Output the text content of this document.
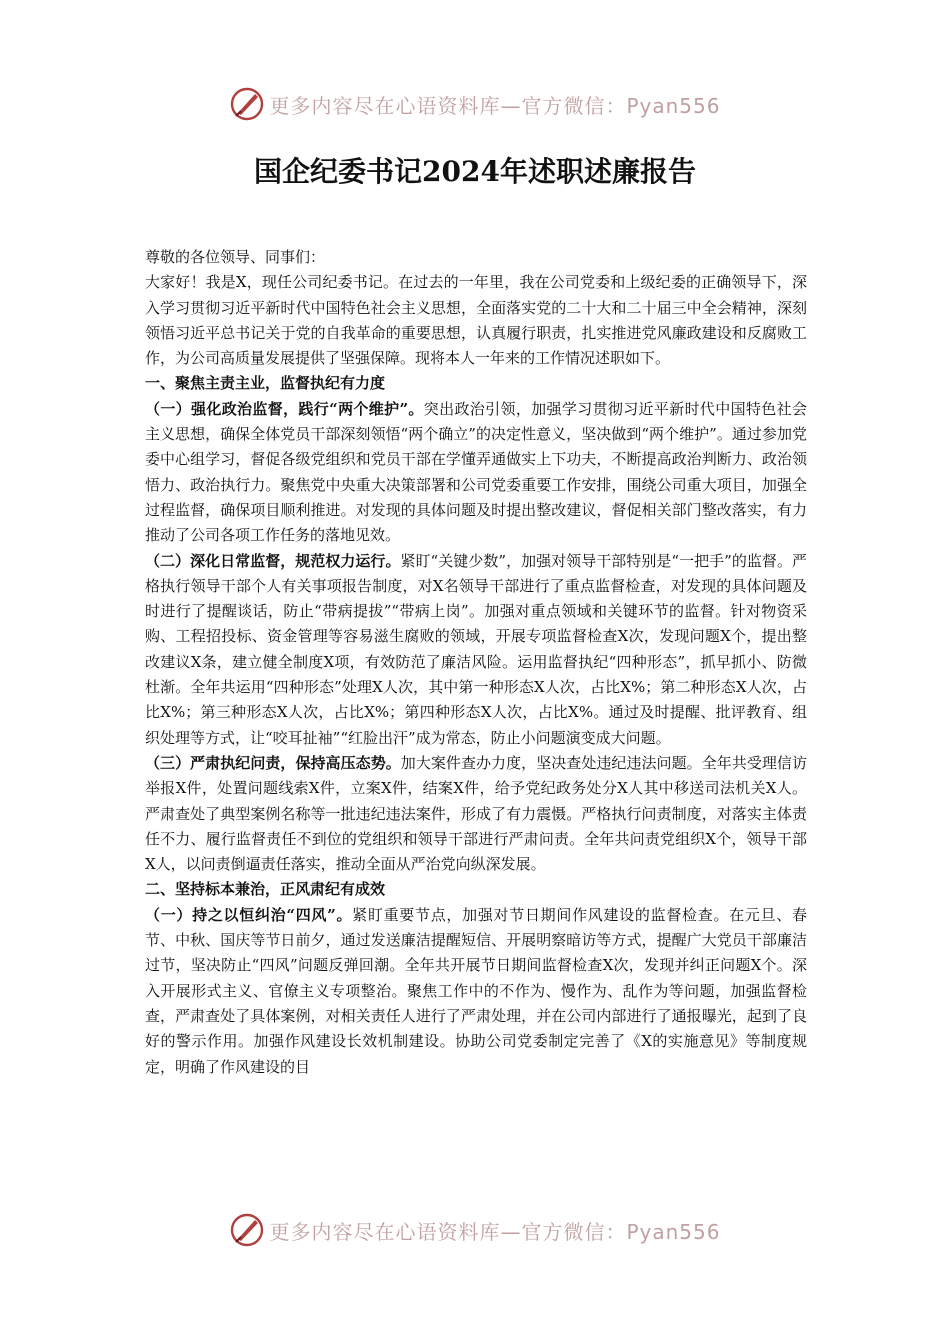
更多内容尽在心语资料库—官方微信：Pyan556
国企纪委书记2024年述职述廉报告

尊敬的各位领导、同事们：

大家好！我是X，现任公司纪委书记。在过去的一年里，我在公司党委和上级纪委的正确领导下，深入学习贯彻习近平新时代中国特色社会主义思想，全面落实党的二十大和二十届三中全会精神，深刻领悟习近平总书记关于党的自我革命的重要思想，认真履行职责，扎实推进党风廉政建设和反腐败工作，为公司高质量发展提供了坚强保障。现将本人一年来的工作情况述职如下。

一、聚焦主责主业，监督执纪有力度

（一）强化政治监督，践行“两个维护”。突出政治引领，加强学习贯彻习近平新时代中国特色社会主义思想，确保全体党员干部深刻领悟“两个确立”的决定性意义，坚决做到“两个维护”。通过参加党委中心组学习，督促各级党组织和党员干部在学懂弄通做实上下功夫，不断提高政治判断力、政治领悟力、政治执行力。聚焦党中央重大决策部署和公司党委重要工作安排，围绕公司重大项目，加强全过程监督，确保项目顺利推进。对发现的具体问题及时提出整改建议，督促相关部门整改落实，有力推动了公司各项工作任务的落地见效。

（二）深化日常监督，规范权力运行。紧盯“关键少数”，加强对领导干部特别是“一把手”的监督。严格执行领导干部个人有关事项报告制度，对X名领导干部进行了重点监督检查，对发现的具体问题及时进行了提醒谈话，防止“带病提拔”“带病上岗”。加强对重点领域和关键环节的监督。针对物资采购、工程招投标、资金管理等容易滋生腐败的领域，开展专项监督检查X次，发现问题X个，提出整改建议X条，建立健全制度X项，有效防范了廉洁风险。运用监督执纪“四种形态”，抓早抓小、防微杜渐。全年共运用“四种形态”处理X人次，其中第一种形态X人次，占比X%；第二种形态X人次，占比X%；第三种形态X人次，占比X%；第四种形态X人次，占比X%。通过及时提醒、批评教育、组织处理等方式，让“咬耳扯袖”“红脸出汗”成为常态，防止小问题演变成大问题。

（三）严肃执纪问责，保持高压态势。加大案件查办力度，坚决查处违纪违法问题。全年共受理信访举报X件，处置问题线索X件，立案X件，结案X件，给予党纪政务处分X人其中移送司法机关X人。严肃查处了典型案例名称等一批违纪违法案件，形成了有力震慑。严格执行问责制度，对落实主体责任不力、履行监督责任不到位的党组织和领导干部进行严肃问责。全年共问责党组织X个，领导干部X人，以问责倒逼责任落实，推动全面从严治党向纵深发展。

二、坚持标本兼治，正风肃纪有成效

（一）持之以恒纠治“四风”。紧盯重要节点，加强对节日期间作风建设的监督检查。在元旦、春节、中秋、国庆等节日前夕，通过发送廉洁提醒短信、开展明察暗访等方式，提醒广大党员干部廉洁过节，坚决防止“四风”问题反弹回潮。全年共开展节日期间监督检查X次，发现并纠正问题X个。深入开展形式主义、官僚主义专项整治。聚焦工作中的不作为、慢作为、乱作为等问题，加强监督检查，严肃查处了具体案例，对相关责任人进行了严肃处理，并在公司内部进行了通报曝光，起到了良好的警示作用。加强作风建设长效机制建设。协助公司党委制定完善了《X的实施意见》等制度规定，明确了作风建设的目

更多内容尽在心语资料库—官方微信：Pyan556
